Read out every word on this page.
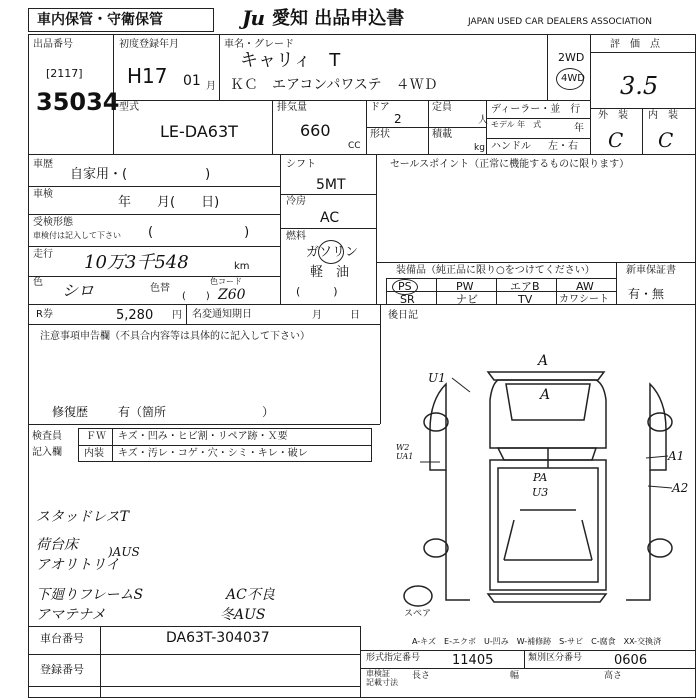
車内保管・守衛保管	Ju 愛知 出品申込書	JAPAN USED CAR DEALERS ASSOCIATION
出品番号
[2117]
35034
初度登録年月
H17 01 月
車名・グレード
キャリィ　T
ＫＣ　エアコンパワステ　４ＷＤ
2WD
4WD
評　価　点
3.5
外　装 内　装
C C
型式
LE-DA63T
排気量
660
CC
ドア
2
形状
定員
人
積載
kg
ディーラー・並　行
モデル 年　式	年
ハンドル 左・右
車歴
自家用・(　　　　　　)
車検
年　　月(　　日)
受検形態
車検付は記入して下さい (　　　　　　　)
走行 10万3千548	km
色 シロ	色替
(　　)
色コード
Z60
シフト
5MT
冷房
AC
燃料
ガソリン
軽　油
(　　　)
セールスポイント（正常に機能するものに限ります）
装備品（純正品に限り○をつけてください）
PS	PW	エアB	AW
SR	ナビ	TV	カワシート
新車保証書
有・無
R券	5,280 円 名変通知期日	月	日	後日記
注意事項申告欄（不具合内容等は具体的に記入して下さい）
修復歴 有（箇所　　　　　　　　）
検査員
記入欄
ＦＷ キズ・凹み・ヒビ割・リペア跡・Ｘ要
内装 キズ・汚レ・コゲ・穴・シミ・キレ・破レ
スタッドレスT
荷台床	)AUS
アオリトリイ
下廻りフレームS	AC不良
アマテナメ	冬AUS
A
A
U1
W2
UA1	A1
A2
PA
U3
スペア
A-キズ　E-エクボ　U-凹み　W-補修跡　S-サビ　C-腐食　XX-交換済
車台番号	DA63T-304037
登録番号
形式指定番号 11405	類別区分番号 0606
車検証
記載寸法
長さ	幅	高さ
